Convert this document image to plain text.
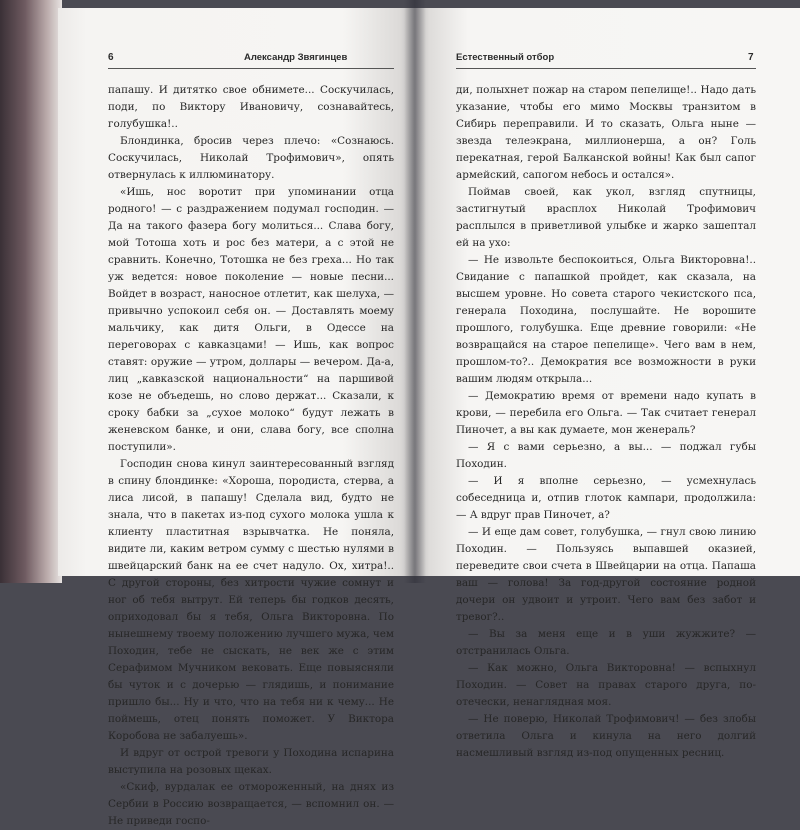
6	Александр Звягинцев

папашу. И дитятко свое обнимете... Соскучилась, поди, по Виктору Ивановичу, сознавайтесь, голубушка!..

Блондинка, бросив через плечо: «Сознаюсь. Соскучилась, Николай Трофимович», опять отвернулась к иллюминатору.

«Ишь, нос воротит при упоминании отца родного! — с раздражением подумал господин. — Да на такого фазера богу молиться... Слава богу, мой Тотоша хоть и рос без матери, а с этой не сравнить. Конечно, Тотошка не без греха... Но так уж ведется: новое поколение — новые песни... Войдет в возраст, наносное отлетит, как шелуха, — привычно успокоил себя он. — Доставлять моему мальчику, как дитя Ольги, в Одессе на переговорах с кавказцами! — Ишь, как вопрос ставят: оружие — утром, доллары — вечером. Да-а, лиц „кавказской национальности“ на паршивой козе не объедешь, но слово держат... Сказали, к сроку бабки за „сухое молоко“ будут лежать в женевском банке, и они, слава богу, все сполна поступили».

Господин снова кинул заинтересованный взгляд в спину блондинке: «Хороша, породиста, стерва, а лиса лисой, в папашу! Сделала вид, будто не знала, что в пакетах из-под сухого молока ушла к клиенту пластитная взрывчатка. Не поняла, видите ли, каким ветром сумму с шестью нулями в швейцарский банк на ее счет надуло. Ох, хитра!.. С другой стороны, без хитрости чужие сомнут и ног об тебя вытрут. Ей теперь бы годков десять, оприходовал бы я тебя, Ольга Викторовна. По нынешнему твоему положению лучшего мужа, чем Походин, тебе не сыскать, не век же с этим Серафимом Мучником вековать. Еще повыясняли бы чуток и с дочерью — глядишь, и понимание пришло бы... Ну и что, что на тебя ни к чему... Не поймешь, отец понять поможет. У Виктора Коробова не забалуешь».

И вдруг от острой тревоги у Походина испарина выступила на розовых щеках.

«Скиф, вурдалак ее отмороженный, на днях из Сербии в Россию возвращается, — вспомнил он. — Не приведи госпо-

Естественный отбор	7

ди, полыхнет пожар на старом пепелище!.. Надо дать указание, чтобы его мимо Москвы транзитом в Сибирь переправили. И то сказать, Ольга ныне — звезда телеэкрана, миллионерша, а он? Голь перекатная, герой Балканской войны! Как был сапог армейский, сапогом небось и остался».

Поймав своей, как укол, взгляд спутницы, застигнутый врасплох Николай Трофимович расплылся в приветливой улыбке и жарко зашептал ей на ухо:

— Не извольте беспокоиться, Ольга Викторовна!.. Свидание с папашкой пройдет, как сказала, на высшем уровне. Но совета старого чекистского пса, генерала Походина, послушайте. Не ворошите прошлого, голубушка. Еще древние говорили: «Не возвращайся на старое пепелище». Чего вам в нем, прошлом-то?.. Демократия все возможности в руки вашим людям открыла...

— Демократию время от времени надо купать в крови, — перебила его Ольга. — Так считает генерал Пиночет, а вы как думаете, мон женераль?

— Я с вами серьезно, а вы... — поджал губы Походин.

— И я вполне серьезно, — усмехнулась собеседница и, отпив глоток кампари, продолжила: — А вдруг прав Пиночет, а?

— И еще дам совет, голубушка, — гнул свою линию Походин. — Пользуясь выпавшей оказией, переведите свои счета в Швейцарии на отца. Папаша ваш — голова! За год-другой состояние родной дочери он удвоит и утроит. Чего вам без забот и тревог?..

— Вы за меня еще и в уши жужжите? — отстранилась Ольга.

— Как можно, Ольга Викторовна! — вспыхнул Походин. — Совет на правах старого друга, по-отечески, ненаглядная моя.

— Не поверю, Николай Трофимович! — без злобы ответила Ольга и кинула на него долгий насмешливый взгляд из-под опущенных ресниц.
